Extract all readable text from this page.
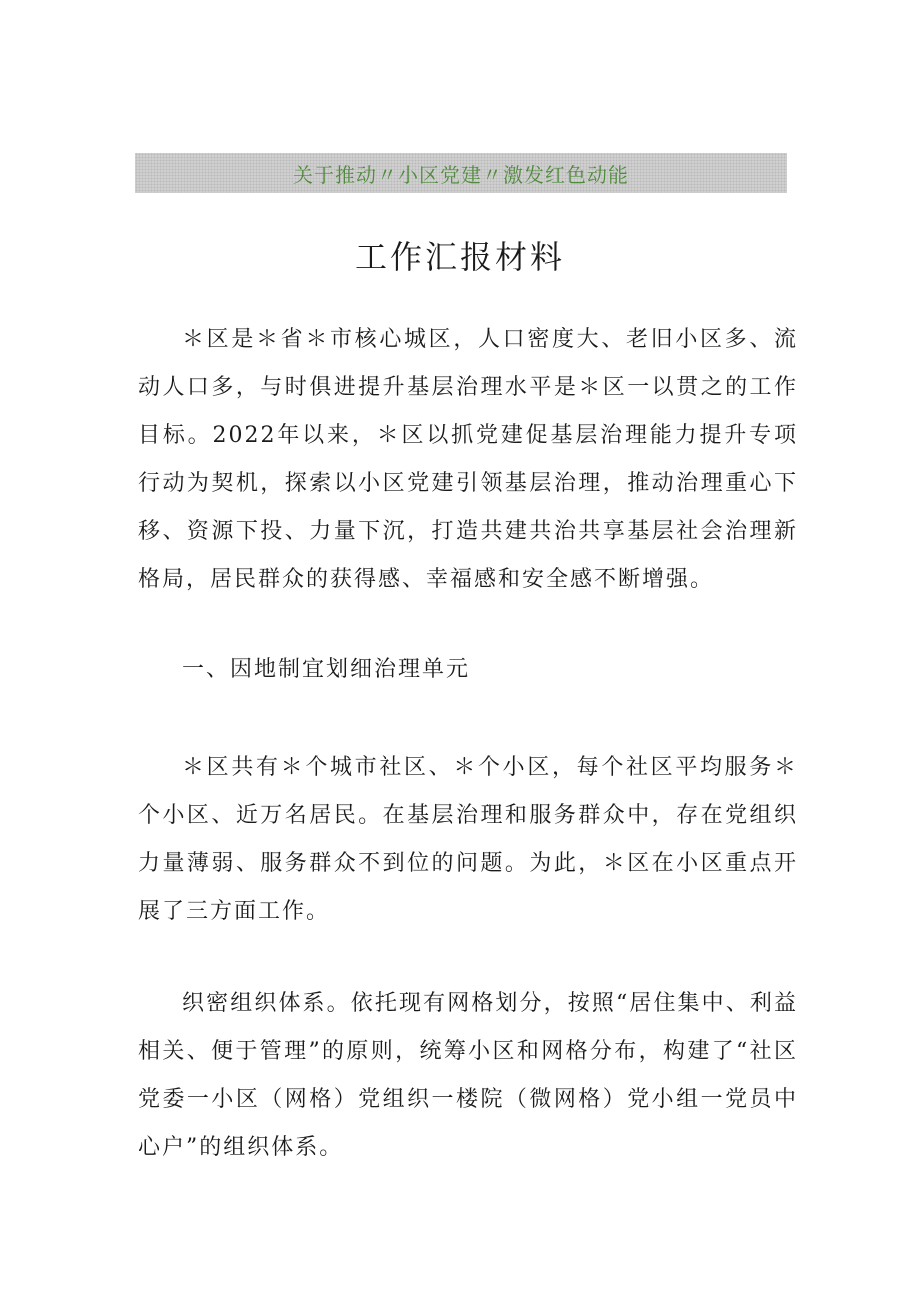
关于推动〃小区党建〃激发红色动能
工作汇报材料

＊区是＊省＊市核心城区，人口密度大、老旧小区多、流动人口多，与时俱进提升基层治理水平是＊区一以贯之的工作目标。2022年以来，＊区以抓党建促基层治理能力提升专项行动为契机，探索以小区党建引领基层治理，推动治理重心下移、资源下投、力量下沉，打造共建共治共享基层社会治理新格局，居民群众的获得感、幸福感和安全感不断增强。

一、因地制宜划细治理单元

＊区共有＊个城市社区、＊个小区，每个社区平均服务＊个小区、近万名居民。在基层治理和服务群众中，存在党组织力量薄弱、服务群众不到位的问题。为此，＊区在小区重点开展了三方面工作。

织密组织体系。依托现有网格划分，按照“居住集中、利益相关、便于管理”的原则，统筹小区和网格分布，构建了“社区党委一小区（网格）党组织一楼院（微网格）党小组一党员中心户”的组织体系。
